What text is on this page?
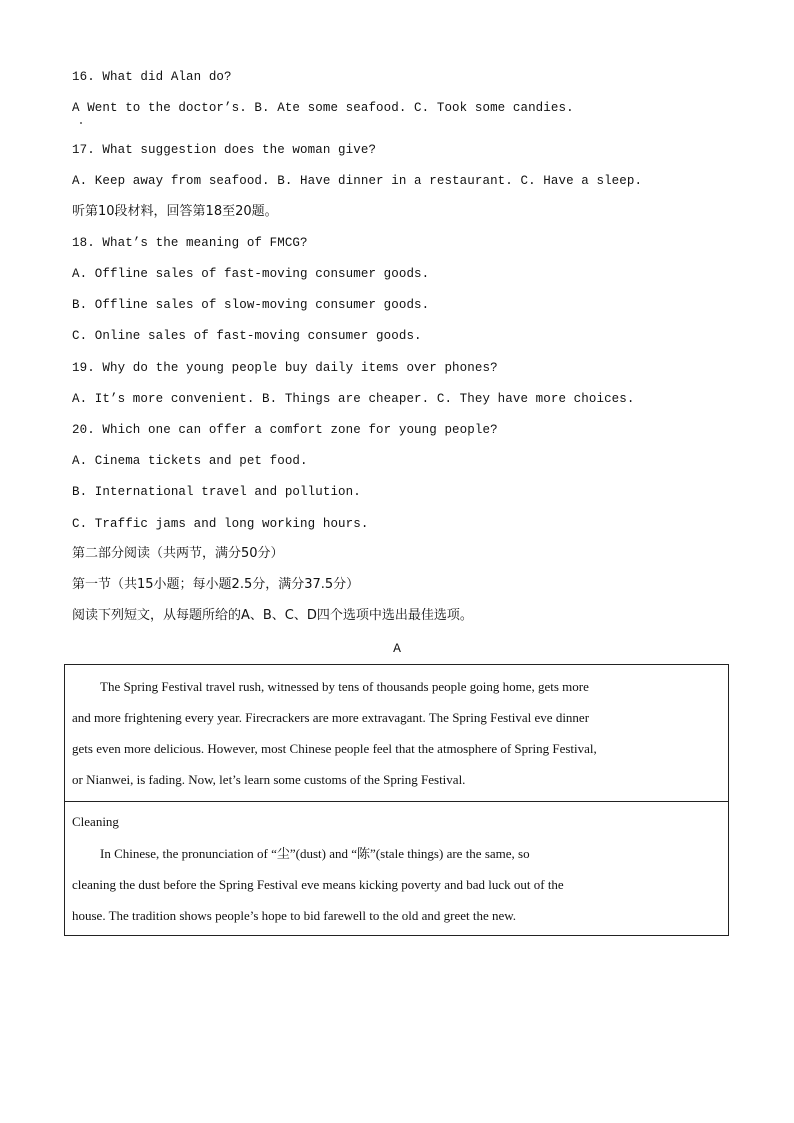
16. What did Alan do?
A Went to the doctor’s. B. Ate some seafood. C. Took some candies.
17. What suggestion does the woman give?
A. Keep away from seafood. B. Have dinner in a restaurant. C. Have a sleep.
听第10段材料，回答第18至20题。
18. What’s the meaning of FMCG?
A. Offline sales of fast-moving consumer goods.
B. Offline sales of slow-moving consumer goods.
C. Online sales of fast-moving consumer goods.
19. Why do the young people buy daily items over phones?
A. It’s more convenient. B. Things are cheaper. C. They have more choices.
20. Which one can offer a comfort zone for young people?
A. Cinema tickets and pet food.
B. International travel and pollution.
C. Traffic jams and long working hours.
第二部分阅读（共两节，满分50分）
第一节（共15小题；每小题2.5分，满分37.5分）
阅读下列短文，从每题所给的A、B、C、D四个选项中选出最佳选项。
A
The Spring Festival travel rush, witnessed by tens of thousands people going home, gets more
and more frightening every year. Firecrackers are more extravagant. The Spring Festival eve dinner
gets even more delicious. However, most Chinese people feel that the atmosphere of Spring Festival,
or Nianwei, is fading. Now, let’s learn some customs of the Spring Festival.
Cleaning
In Chinese, the pronunciation of “尘”(dust) and “陈”(stale things) are the same, so
cleaning the dust before the Spring Festival eve means kicking poverty and bad luck out of the
house. The tradition shows people’s hope to bid farewell to the old and greet the new.
